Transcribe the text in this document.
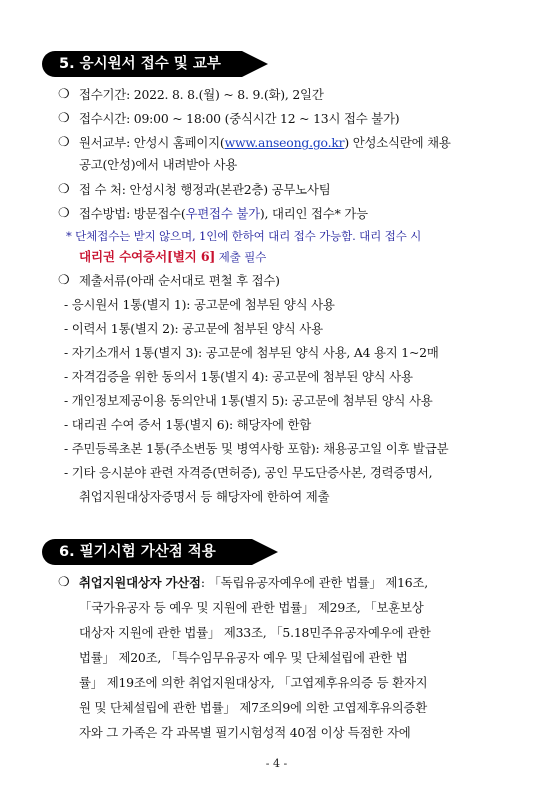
5. 응시원서 접수 및 교부
❍ 접수기간: 2022. 8. 8.(월) ~ 8. 9.(화), 2일간
❍ 접수시간: 09:00 ~ 18:00 (중식시간 12 ~ 13시 접수 불가)
❍ 원서교부: 안성시 홈페이지(www.anseong.go.kr) 안성소식란에 채용
공고(안성)에서 내려받아 사용
❍ 접 수 처: 안성시청 행정과(본관2층) 공무노사팀
❍ 접수방법: 방문접수(우편접수 불가), 대리인 접수* 가능
* 단체접수는 받지 않으며, 1인에 한하여 대리 접수 가능함. 대리 접수 시
대리권 수여증서[별지 6] 제출 필수
❍ 제출서류(아래 순서대로 편철 후 접수)
- 응시원서 1통(별지 1): 공고문에 첨부된 양식 사용
- 이력서 1통(별지 2): 공고문에 첨부된 양식 사용
- 자기소개서 1통(별지 3): 공고문에 첨부된 양식 사용, A4 용지 1~2매
- 자격검증을 위한 동의서 1통(별지 4): 공고문에 첨부된 양식 사용
- 개인정보제공이용 동의안내 1통(별지 5): 공고문에 첨부된 양식 사용
- 대리권 수여 증서 1통(별지 6): 해당자에 한함
- 주민등록초본 1통(주소변동 및 병역사항 포함): 채용공고일 이후 발급분
- 기타 응시분야 관련 자격증(면허증), 공인 무도단증사본, 경력증명서,
취업지원대상자증명서 등 해당자에 한하여 제출
6. 필기시험 가산점 적용
❍ 취업지원대상자 가산점: 「독립유공자예우에 관한 법률」 제16조,
「국가유공자 등 예우 및 지원에 관한 법률」 제29조, 「보훈보상
대상자 지원에 관한 법률」 제33조, 「5.18민주유공자예우에 관한
법률」 제20조, 「특수임무유공자 예우 및 단체설립에 관한 법
률」 제19조에 의한 취업지원대상자, 「고엽제후유의증 등 환자지
원 및 단체설립에 관한 법률」 제7조의9에 의한 고엽제후유의증환
자와 그 가족은 각 과목별 필기시험성적 40점 이상 득점한 자에
- 4 -
